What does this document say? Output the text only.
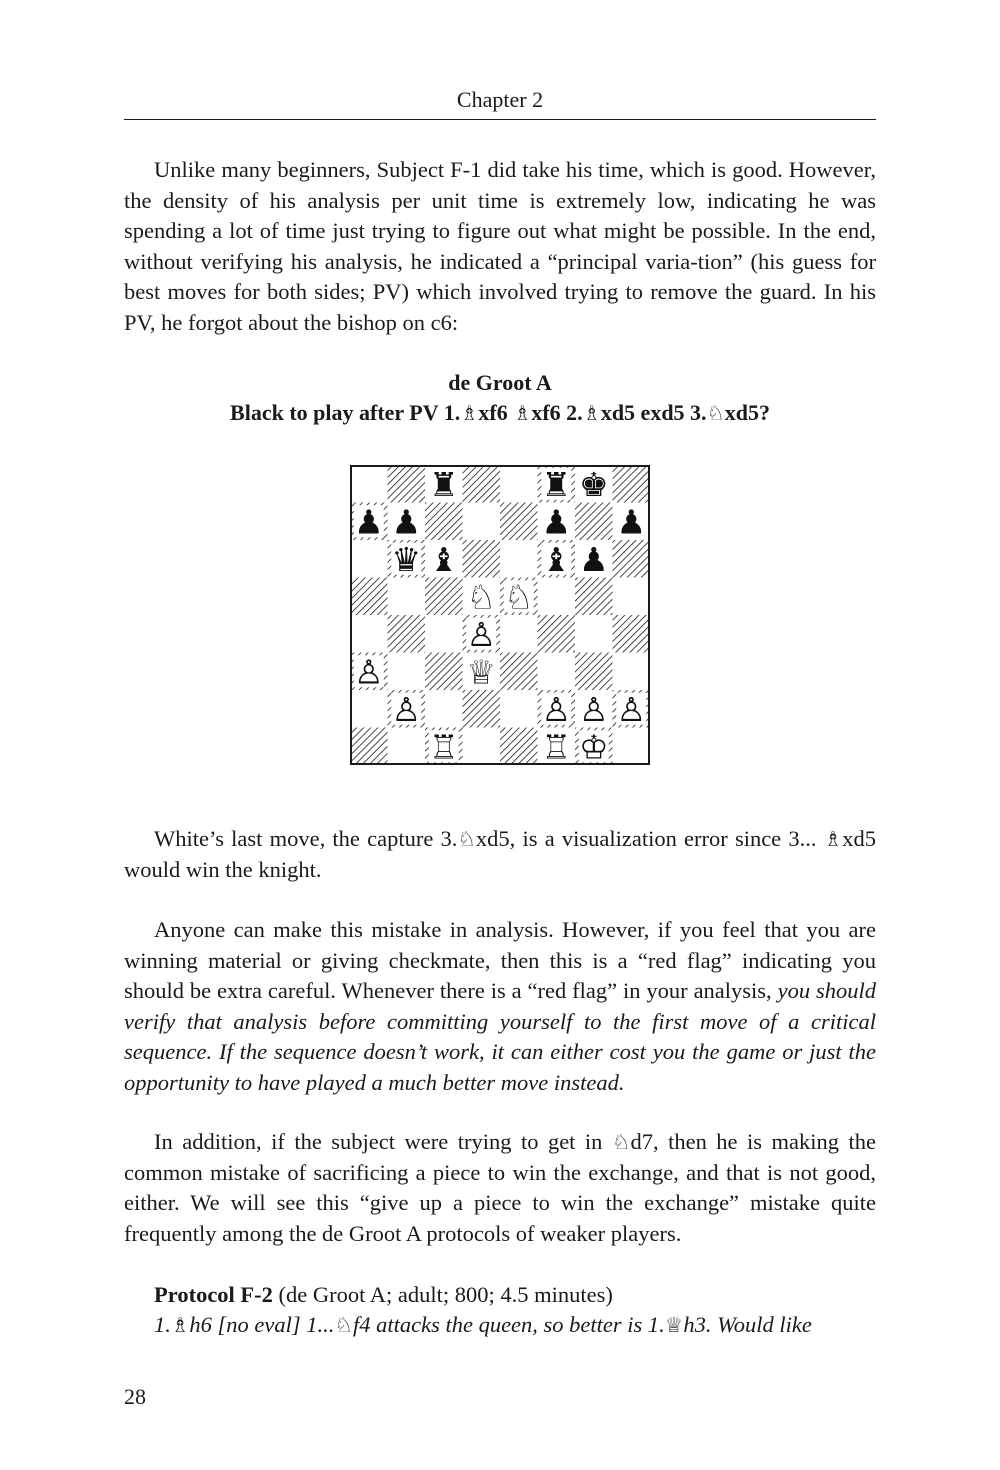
Chapter 2

Unlike many beginners, Subject F-1 did take his time, which is good. However, the density of his analysis per unit time is extremely low, indicating he was spending a lot of time just trying to figure out what might be possible. In the end, without verifying his analysis, he indicated a “principal varia-tion” (his guess for best moves for both sides; PV) which involved trying to remove the guard. In his PV, he forgot about the bishop on c6:

de Groot A
Black to play after PV 1.♗xf6 ♗xf6 2.♗xd5 exd5 3.♘xd5?
♜	♜ ♚
♟ ♟	♟ ♟
♛ ♝	♝ ♟
♘ ♘
♙
♙	♕
♙	♙ ♙ ♙
♖	♖ ♔

White’s last move, the capture 3.♘xd5, is a visualization error since 3... ♗xd5 would win the knight.

Anyone can make this mistake in analysis. However, if you feel that you are winning material or giving checkmate, then this is a “red flag” indicating you should be extra careful. Whenever there is a “red flag” in your analysis, you should verify that analysis before committing yourself to the first move of a critical sequence. If the sequence doesn’t work, it can either cost you the game or just the opportunity to have played a much better move instead.

In addition, if the subject were trying to get in ♘d7, then he is making the common mistake of sacrificing a piece to win the exchange, and that is not good, either. We will see this “give up a piece to win the exchange” mistake quite frequently among the de Groot A protocols of weaker players.

Protocol F-2 (de Groot A; adult; 800; 4.5 minutes)

1.♗h6 [no eval] 1...♘f4 attacks the queen, so better is 1.♕h3. Would like

28
